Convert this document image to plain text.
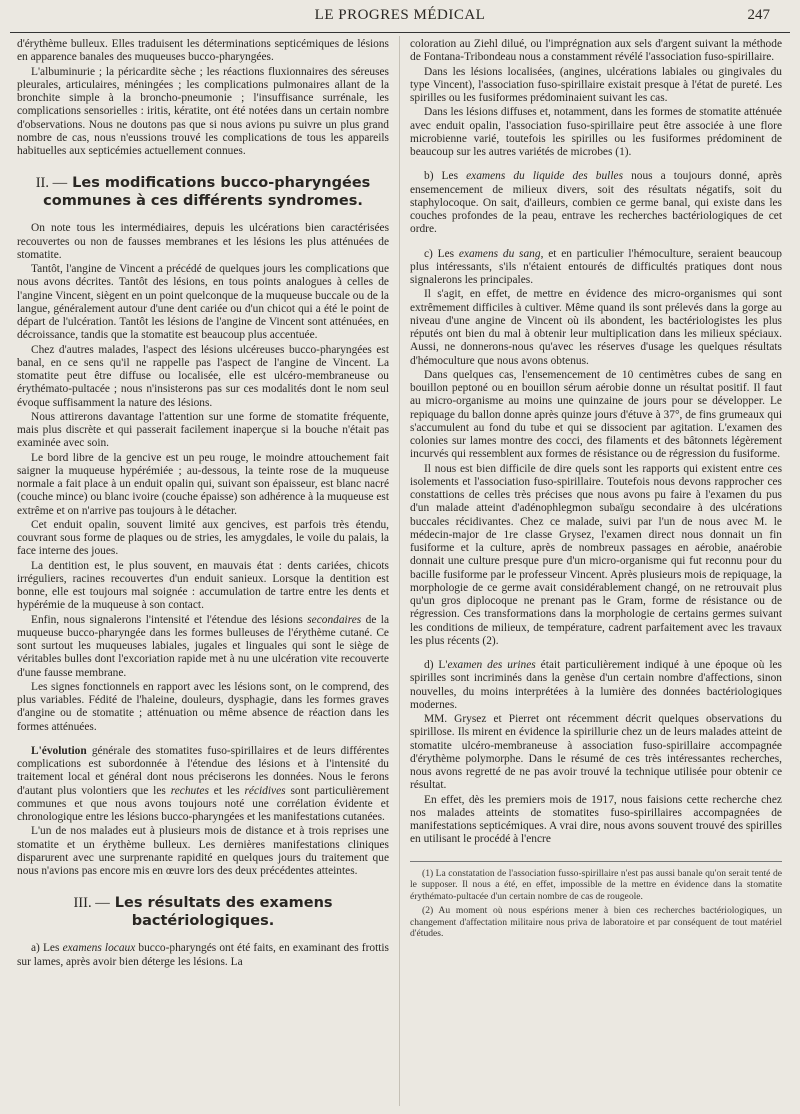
LE PROGRES MÉDICAL	247

d'érythème bulleux. Elles traduisent les déterminations septicémiques de lésions en apparence banales des muqueuses bucco-pharyngées.

L'albuminurie ; la péricardite sèche ; les réactions fluxionnaires des séreuses pleurales, articulaires, méningées ; les complications pulmonaires allant de la bronchite simple à la broncho-pneumonie ; l'insuffisance surrénale, les complications sensorielles : iritis, kératite, ont été notées dans un certain nombre d'observations. Nous ne doutons pas que si nous avions pu suivre un plus grand nombre de cas, nous n'eussions trouvé les complications de tous les appareils habituelles aux septicémies actuellement connues.

II. — Les modifications bucco-pharyngées communes à ces différents syndromes.

On note tous les intermédiaires, depuis les ulcérations bien caractérisées recouvertes ou non de fausses membranes et les lésions les plus atténuées de stomatite.

Tantôt, l'angine de Vincent a précédé de quelques jours les complications que nous avons décrites. Tantôt des lésions, en tous points analogues à celles de l'angine Vincent, siègent en un point quelconque de la muqueuse buccale ou de la langue, généralement autour d'une dent cariée ou d'un chicot qui a été le point de départ de l'ulcération. Tantôt les lésions de l'angine de Vincent sont atténuées, en décroissance, tandis que la stomatite est beaucoup plus accentuée.

Chez d'autres malades, l'aspect des lésions ulcéreuses bucco-pharyngées est banal, en ce sens qu'il ne rappelle pas l'aspect de l'angine de Vincent. La stomatite peut être diffuse ou localisée, elle est ulcéro-membraneuse ou érythémato-pultacée ; nous n'insisterons pas sur ces modalités dont le nom seul évoque suffisamment la nature des lésions.

Nous attirerons davantage l'attention sur une forme de stomatite fréquente, mais plus discrète et qui passerait facilement inaperçue si la bouche n'était pas examinée avec soin.

Le bord libre de la gencive est un peu rouge, le moindre attouchement fait saigner la muqueuse hypérémiée ; au-dessous, la teinte rose de la muqueuse normale a fait place à un enduit opalin qui, suivant son épaisseur, est blanc nacré (couche mince) ou blanc ivoire (couche épaisse) son adhérence à la muqueuse est extrême et on n'arrive pas toujours à le détacher.

Cet enduit opalin, souvent limité aux gencives, est parfois très étendu, couvrant sous forme de plaques ou de stries, les amygdales, le voile du palais, la face interne des joues.

La dentition est, le plus souvent, en mauvais état : dents cariées, chicots irréguliers, racines recouvertes d'un enduit sanieux. Lorsque la dentition est bonne, elle est toujours mal soignée : accumulation de tartre entre les dents et hypérémie de la muqueuse à son contact.

Enfin, nous signalerons l'intensité et l'étendue des lésions secondaires de la muqueuse bucco-pharyngée dans les formes bulleuses de l'érythème cutané. Ce sont surtout les muqueuses labiales, jugales et linguales qui sont le siège de véritables bulles dont l'excoriation rapide met à nu une ulcération vite recouverte d'une fausse membrane.

Les signes fonctionnels en rapport avec les lésions sont, on le comprend, des plus variables. Fédité de l'haleine, douleurs, dysphagie, dans les formes graves d'angine ou de stomatite ; atténuation ou même absence de réaction dans les formes atténuées.

L'évolution générale des stomatites fuso-spirillaires et de leurs différentes complications est subordonnée à l'étendue des lésions et à l'intensité du traitement local et général dont nous préciserons les données. Nous le ferons d'autant plus volontiers que les rechutes et les récidives sont particulièrement communes et que nous avons toujours noté une corrélation évidente et chronologique entre les lésions bucco-pharyngées et les manifestations cutanées.

L'un de nos malades eut à plusieurs mois de distance et à trois reprises une stomatite et un érythème bulleux. Les dernières manifestations cliniques disparurent avec une surprenante rapidité en quelques jours du traitement que nous n'avions pas encore mis en œuvre lors des deux précédentes atteintes.

III. — Les résultats des examens bactériologiques.

a) Les examens locaux bucco-pharyngés ont été faits, en examinant des frottis sur lames, après avoir bien déterge les lésions. La

coloration au Ziehl dilué, ou l'imprégnation aux sels d'argent suivant la méthode de Fontana-Tribondeau nous a constamment révélé l'association fuso-spirillaire.

Dans les lésions localisées, (angines, ulcérations labiales ou gingivales du type Vincent), l'association fuso-spirillaire existait presque à l'état de pureté. Les spirilles ou les fusiformes prédominaient suivant les cas.

Dans les lésions diffuses et, notamment, dans les formes de stomatite atténuée avec enduit opalin, l'association fuso-spirillaire peut être associée à une flore microbienne varié, toutefois les spirilles ou les fusiformes prédominent de beaucoup sur les autres variétés de microbes (1).

b) Les examens du liquide des bulles nous a toujours donné, après ensemencement de milieux divers, soit des résultats négatifs, soit du staphylocoque. On sait, d'ailleurs, combien ce germe banal, qui existe dans les couches profondes de la peau, entrave les recherches bactériologiques de cet ordre.

c) Les examens du sang, et en particulier l'hémoculture, seraient beaucoup plus intéressants, s'ils n'étaient entourés de difficultés pratiques dont nous signalerons les principales.

Il s'agit, en effet, de mettre en évidence des micro-organismes qui sont extrêmement difficiles à cultiver. Même quand ils sont prélevés dans la gorge au niveau d'une angine de Vincent où ils abondent, les bactériologistes les plus réputés ont bien du mal à obtenir leur multiplication dans les milieux spéciaux. Aussi, ne donnerons-nous qu'avec les réserves d'usage les quelques résultats d'hémoculture que nous avons obtenus.

Dans quelques cas, l'ensemencement de 10 centimètres cubes de sang en bouillon peptoné ou en bouillon sérum aérobie donne un résultat positif. Il faut au micro-organisme au moins une quinzaine de jours pour se développer. Le repiquage du ballon donne après quinze jours d'étuve à 37°, de fins grumeaux qui s'accumulent au fond du tube et qui se dissocient par agitation. L'examen des colonies sur lames montre des cocci, des filaments et des bâtonnets légèrement incurvés qui ressemblent aux formes de résistance ou de régression du fusiforme.

Il nous est bien difficile de dire quels sont les rapports qui existent entre ces isolements et l'association fuso-spirillaire. Toutefois nous devons rapprocher ces constattions de celles très précises que nous avons pu faire à l'examen du pus d'un malade atteint d'adénophlegmon subaïgu secondaire à des ulcérations buccales récidivantes. Chez ce malade, suivi par l'un de nous avec M. le médecin-major de 1re classe Grysez, l'examen direct nous donnait un fin fusiforme et la culture, après de nombreux passages en aérobie, anaérobie donnait une culture presque pure d'un micro-organisme qui fut reconnu pour du bacille fusiforme par le professeur Vincent. Après plusieurs mois de repiquage, la morphologie de ce germe avait considérablement changé, on ne retrouvait plus qu'un gros diplocoque ne prenant pas le Gram, forme de résistance ou de régression. Ces transformations dans la morphologie de certains germes suivant les conditions de milieux, de température, cadrent parfaitement avec les travaux les plus récents (2).

d) L'examen des urines était particulièrement indiqué à une époque où les spirilles sont incriminés dans la genèse d'un certain nombre d'affections, sinon nouvelles, du moins interprétées à la lumière des données bactériologiques modernes.

MM. Grysez et Pierret ont récemment décrit quelques observations du spirillose. Ils mirent en évidence la spirillurie chez un de leurs malades atteint de stomatite ulcéro-membraneuse à association fuso-spirillaire accompagnée d'érythème polymorphe. Dans le résumé de ces très intéressantes recherches, nous avons regretté de ne pas avoir trouvé la technique utilisée pour obtenir ce résultat.

En effet, dès les premiers mois de 1917, nous faisions cette recherche chez nos malades atteints de stomatites fuso-spirillaires accompagnées de manifestations septicémiques. A vrai dire, nous avons souvent trouvé des spirilles en utilisant le procédé à l'encre

(1) La constatation de l'association fusso-spirillaire n'est pas aussi banale qu'on serait tenté de le supposer. Il nous a été, en effet, impossible de la mettre en évidence dans la stomatite érythémato-pultacée d'un certain nombre de cas de rougeole.

(2) Au moment où nous espérions mener à bien ces recherches bactériologiques, un changement d'affectation militaire nous priva de laboratoire et par conséquent de tout matériel d'études.
